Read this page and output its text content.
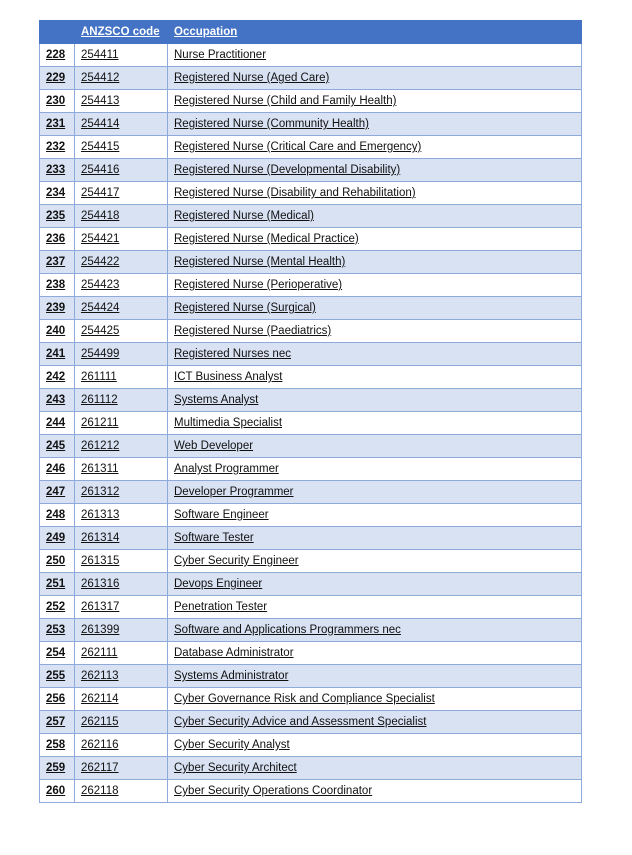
	ANZSCO code	Occupation
228	254411	Nurse Practitioner
229	254412	Registered Nurse (Aged Care)
230	254413	Registered Nurse (Child and Family Health)
231	254414	Registered Nurse (Community Health)
232	254415	Registered Nurse (Critical Care and Emergency)
233	254416	Registered Nurse (Developmental Disability)
234	254417	Registered Nurse (Disability and Rehabilitation)
235	254418	Registered Nurse (Medical)
236	254421	Registered Nurse (Medical Practice)
237	254422	Registered Nurse (Mental Health)
238	254423	Registered Nurse (Perioperative)
239	254424	Registered Nurse (Surgical)
240	254425	Registered Nurse (Paediatrics)
241	254499	Registered Nurses nec
242	261111	ICT Business Analyst
243	261112	Systems Analyst
244	261211	Multimedia Specialist
245	261212	Web Developer
246	261311	Analyst Programmer
247	261312	Developer Programmer
248	261313	Software Engineer
249	261314	Software Tester
250	261315	Cyber Security Engineer
251	261316	Devops Engineer
252	261317	Penetration Tester
253	261399	Software and Applications Programmers nec
254	262111	Database Administrator
255	262113	Systems Administrator
256	262114	Cyber Governance Risk and Compliance Specialist
257	262115	Cyber Security Advice and Assessment Specialist
258	262116	Cyber Security Analyst
259	262117	Cyber Security Architect
260	262118	Cyber Security Operations Coordinator
